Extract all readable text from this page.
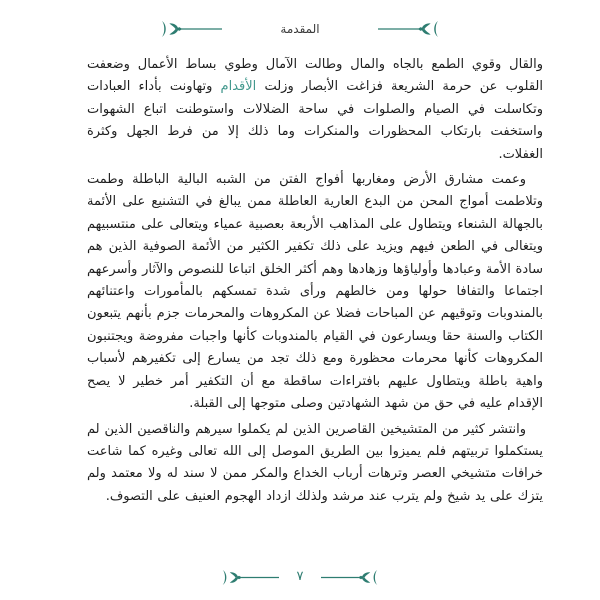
المقدمة

والقال وقوي الطمع بالجاه والمال وطالت الآمال وطوي بساط الأعمال وضعفت القلوب عن حرمة الشريعة فزاغت الأبصار وزلت الأقدام وتهاونت بأداء العبادات وتكاسلت في الصيام والصلوات في ساحة الضلالات واستوطنت اتباع الشهوات واستخفت بارتكاب المحظورات والمنكرات وما ذلك إلا من فرط الجهل وكثرة الغفلات.

وعمت مشارق الأرض ومغاربها أفواج الفتن من الشبه البالية الباطلة وطمت وتلاطمت أمواج المحن من البدع العارية العاطلة ممن يبالغ في التشنيع على الأئمة بالجهالة الشنعاء ويتطاول على المذاهب الأربعة بعصبية عمياء ويتعالى على منتسبيهم ويتغالى في الطعن فيهم ويزيد على ذلك تكفير الكثير من الأئمة الصوفية الذين هم سادة الأمة وعبادها وأولياؤها وزهادها وهم أكثر الخلق اتباعا للنصوص والآثار وأسرعهم اجتماعا والتفافا حولها ومن خالطهم ورأى شدة تمسكهم بالمأمورات واعتنائهم بالمندوبات وتوقيهم عن المباحات فضلا عن المكروهات والمحرمات جزم بأنهم يتبعون الكتاب والسنة حقا ويسارعون في القيام بالمندوبات كأنها واجبات مفروضة ويجتنبون المكروهات كأنها محرمات محظورة ومع ذلك تجد من يسارع إلى تكفيرهم لأسباب واهية باطلة ويتطاول عليهم بافتراءات ساقطة مع أن التكفير أمر خطير لا يصح الإقدام عليه في حق من شهد الشهادتين وصلى متوجها إلى القبلة.

وانتشر كثير من المتشيخين القاصرين الذين لم يكملوا سيرهم والناقصين الذين لم يستكملوا تربيتهم فلم يميزوا بين الطريق الموصل إلى الله تعالى وغيره كما شاعت خرافات متشيخي العصر وترهات أرباب الخداع والمكر ممن لا سند له ولا معتمد ولم يتزك على يد شيخ ولم يترب عند مرشد ولذلك ازداد الهجوم العنيف على التصوف.

٧
